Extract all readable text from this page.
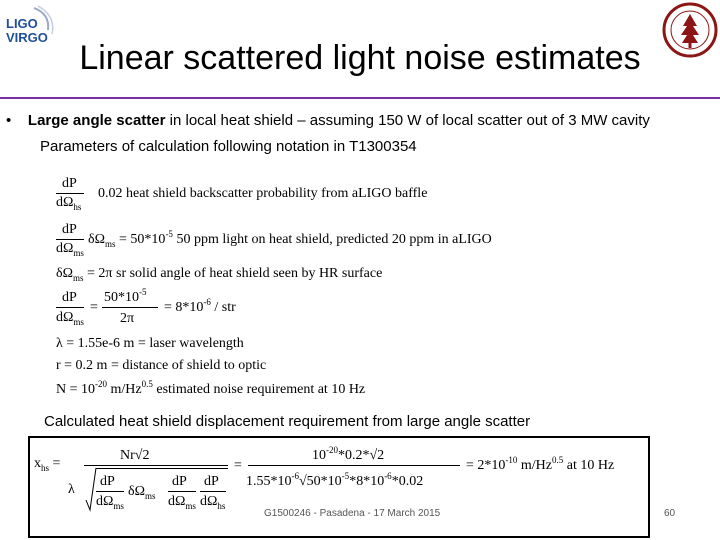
LIGO
VIRGO
Linear scattered light noise estimates
•    Large angle scatter in local heat shield – assuming 150 W of local scatter out of 3 MW cavity
Parameters of calculation following notation in T1300354
dP
$d\Omega_{hs}$
0.02 heat shield backscatter probability from aLIGO baffle
dP
$d\Omega_{ms}$
$\delta\Omega_{ms} = 50*10^{-5}$ 50 ppm light on heat shield, predicted 20 ppm in aLIGO
$\delta\Omega_{ms} = 2\pi$ sr solid angle of heat shield seen by HR surface
dP
$d\Omega_{ms}$
=
$50*10^{-5}$
2π
= $8*10^{-6}$ / str
λ = 1.55e-6 m = laser wavelength
r = 0.2 m = distance of shield to optic
$N = 10^{-20}$ $m/Hz^{0.5}$ estimated noise requirement at 10 Hz
Calculated heat shield displacement requirement from large angle scatter
$x_{hs}$ =
Nr√2
λ
dP
$d\Omega_{ms}$
$\delta\Omega_{ms}$
dP
$d\Omega_{ms}$
dP
$d\Omega_{hs}$
=
$10^{-20}*0.2*√2$
$1.55*10^{-6}√50*10^{-5}*8*10^{-6}*0.02$
= $2*10^{-10}$ $m/Hz^{0.5}$ at 10 Hz
G1500246 - Pasadena - 17 March 2015	60
